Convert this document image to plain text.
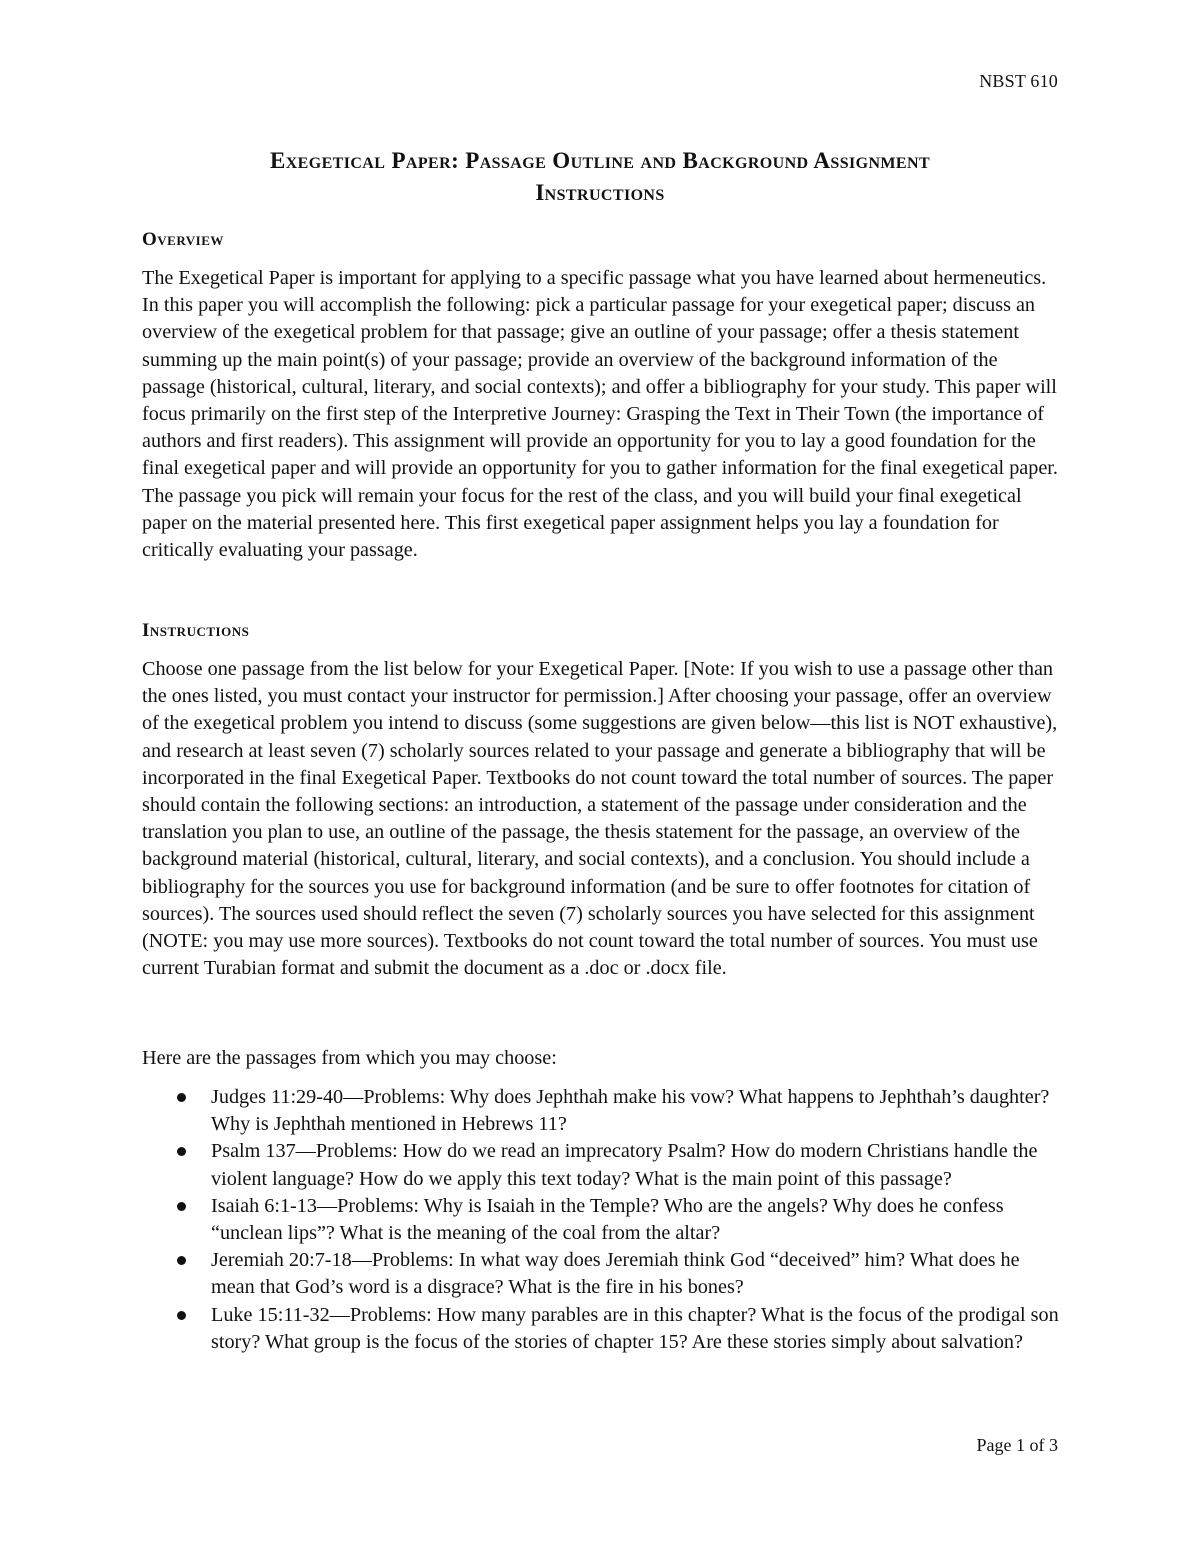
NBST 610
Exegetical Paper: Passage Outline and Background Assignment
Instructions
Overview
The Exegetical Paper is important for applying to a specific passage what you have learned about hermeneutics. In this paper you will accomplish the following: pick a particular passage for your exegetical paper; discuss an overview of the exegetical problem for that passage; give an outline of your passage; offer a thesis statement summing up the main point(s) of your passage; provide an overview of the background information of the passage (historical, cultural, literary, and social contexts); and offer a bibliography for your study. This paper will focus primarily on the first step of the Interpretive Journey: Grasping the Text in Their Town (the importance of authors and first readers). This assignment will provide an opportunity for you to lay a good foundation for the final exegetical paper and will provide an opportunity for you to gather information for the final exegetical paper. The passage you pick will remain your focus for the rest of the class, and you will build your final exegetical paper on the material presented here. This first exegetical paper assignment helps you lay a foundation for critically evaluating your passage.
Instructions
Choose one passage from the list below for your Exegetical Paper. [Note: If you wish to use a passage other than the ones listed, you must contact your instructor for permission.] After choosing your passage, offer an overview of the exegetical problem you intend to discuss (some suggestions are given below—this list is NOT exhaustive), and research at least seven (7) scholarly sources related to your passage and generate a bibliography that will be incorporated in the final Exegetical Paper. Textbooks do not count toward the total number of sources. The paper should contain the following sections: an introduction, a statement of the passage under consideration and the translation you plan to use, an outline of the passage, the thesis statement for the passage, an overview of the background material (historical, cultural, literary, and social contexts), and a conclusion. You should include a bibliography for the sources you use for background information (and be sure to offer footnotes for citation of sources). The sources used should reflect the seven (7) scholarly sources you have selected for this assignment (NOTE: you may use more sources). Textbooks do not count toward the total number of sources. You must use current Turabian format and submit the document as a .doc or .docx file.
Here are the passages from which you may choose:
Judges 11:29-40—Problems: Why does Jephthah make his vow? What happens to Jephthah’s daughter? Why is Jephthah mentioned in Hebrews 11?
Psalm 137—Problems: How do we read an imprecatory Psalm? How do modern Christians handle the violent language? How do we apply this text today? What is the main point of this passage?
Isaiah 6:1-13—Problems: Why is Isaiah in the Temple? Who are the angels? Why does he confess “unclean lips”? What is the meaning of the coal from the altar?
Jeremiah 20:7-18—Problems: In what way does Jeremiah think God “deceived” him? What does he mean that God’s word is a disgrace? What is the fire in his bones?
Luke 15:11-32—Problems: How many parables are in this chapter? What is the focus of the prodigal son story? What group is the focus of the stories of chapter 15? Are these stories simply about salvation?
Page 1 of 3
